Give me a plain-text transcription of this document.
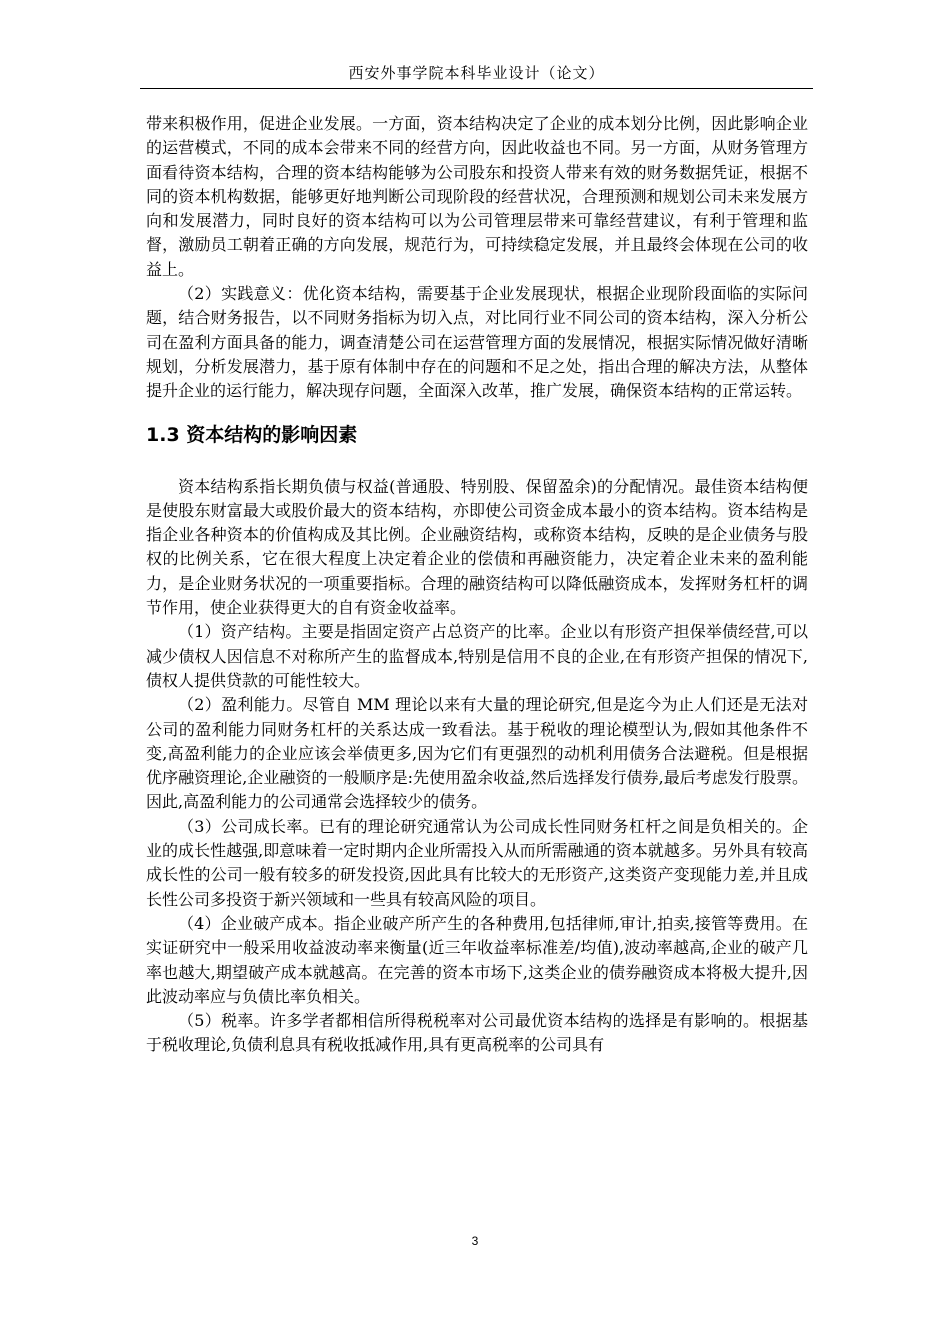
西安外事学院本科毕业设计（论文）

带来积极作用，促进企业发展。一方面，资本结构决定了企业的成本划分比例，因此影响企业的运营模式，不同的成本会带来不同的经营方向，因此收益也不同。另一方面，从财务管理方面看待资本结构，合理的资本结构能够为公司股东和投资人带来有效的财务数据凭证，根据不同的资本机构数据，能够更好地判断公司现阶段的经营状况，合理预测和规划公司未来发展方向和发展潜力，同时良好的资本结构可以为公司管理层带来可靠经营建议，有利于管理和监督，激励员工朝着正确的方向发展，规范行为，可持续稳定发展，并且最终会体现在公司的收益上。

（2）实践意义：优化资本结构，需要基于企业发展现状，根据企业现阶段面临的实际问题，结合财务报告，以不同财务指标为切入点，对比同行业不同公司的资本结构，深入分析公司在盈利方面具备的能力，调查清楚公司在运营管理方面的发展情况，根据实际情况做好清晰规划，分析发展潜力，基于原有体制中存在的问题和不足之处，指出合理的解决方法，从整体提升企业的运行能力，解决现存问题，全面深入改革，推广发展，确保资本结构的正常运转。

1.3 资本结构的影响因素

资本结构系指长期负债与权益(普通股、特别股、保留盈余)的分配情况。最佳资本结构便是使股东财富最大或股价最大的资本结构，亦即使公司资金成本最小的资本结构。资本结构是指企业各种资本的价值构成及其比例。企业融资结构，或称资本结构，反映的是企业债务与股权的比例关系，它在很大程度上决定着企业的偿债和再融资能力，决定着企业未来的盈利能力，是企业财务状况的一项重要指标。合理的融资结构可以降低融资成本，发挥财务杠杆的调节作用，使企业获得更大的自有资金收益率。

（1）资产结构。主要是指固定资产占总资产的比率。企业以有形资产担保举债经营,可以减少债权人因信息不对称所产生的监督成本,特别是信用不良的企业,在有形资产担保的情况下,债权人提供贷款的可能性较大。

（2）盈利能力。尽管自 MM 理论以来有大量的理论研究,但是迄今为止人们还是无法对公司的盈利能力同财务杠杆的关系达成一致看法。基于税收的理论模型认为,假如其他条件不变,高盈利能力的企业应该会举债更多,因为它们有更强烈的动机利用债务合法避税。但是根据优序融资理论,企业融资的一般顺序是:先使用盈余收益,然后选择发行债券,最后考虑发行股票。因此,高盈利能力的公司通常会选择较少的债务。

（3）公司成长率。已有的理论研究通常认为公司成长性同财务杠杆之间是负相关的。企业的成长性越强,即意味着一定时期内企业所需投入从而所需融通的资本就越多。另外具有较高成长性的公司一般有较多的研发投资,因此具有比较大的无形资产,这类资产变现能力差,并且成长性公司多投资于新兴领域和一些具有较高风险的项目。

（4）企业破产成本。指企业破产所产生的各种费用,包括律师,审计,拍卖,接管等费用。在实证研究中一般采用收益波动率来衡量(近三年收益率标准差/均值),波动率越高,企业的破产几率也越大,期望破产成本就越高。在完善的资本市场下,这类企业的债券融资成本将极大提升,因此波动率应与负债比率负相关。

（5）税率。许多学者都相信所得税税率对公司最优资本结构的选择是有影响的。根据基于税收理论,负债利息具有税收抵减作用,具有更高税率的公司具有

3
